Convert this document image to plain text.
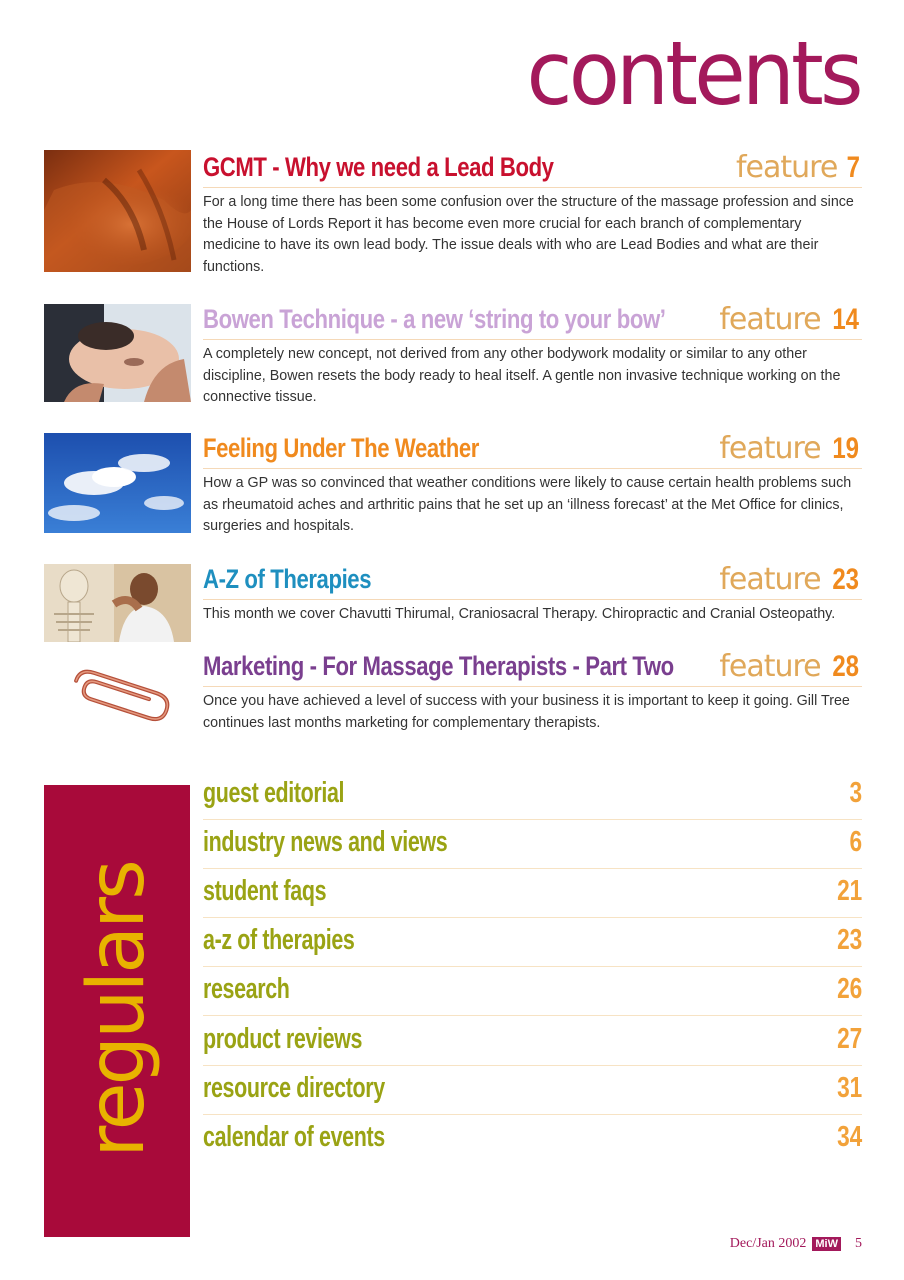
contents
GCMT - Why we need a Lead Body	feature 7
For a long time there has been some confusion over the structure of the massage profession and since the House of Lords Report it has become even more crucial for each branch of complementary medicine to have its own lead body. The issue deals with who are Lead Bodies and what are their functions.
Bowen Technique - a new ‘string to your bow’ feature 14
A completely new concept, not derived from any other bodywork modality or similar to any other discipline, Bowen resets the body ready to heal itself. A gentle non invasive technique working on the connective tissue.
Feeling Under The Weather	feature 19
How a GP was so convinced that weather conditions were likely to cause certain health problems such as rheumatoid aches and arthritic pains that he set up an ‘illness forecast’ at the Met Office for clinics, surgeries and hospitals.
A-Z of Therapies	feature 23
This month we cover Chavutti Thirumal, Craniosacral Therapy. Chiropractic and Cranial Osteopathy.
Marketing - For Massage Therapists - Part Two feature 28
Once you have achieved a level of success with your business it is important to keep it going. Gill Tree continues last months marketing for complementary therapists.
regulars
guest editorial	3
industry news and views	6
student faqs	21
a-z of therapies	23
research	26
product reviews	27
resource directory	31
calendar of events	34
Dec/Jan 2002 MiW 5
